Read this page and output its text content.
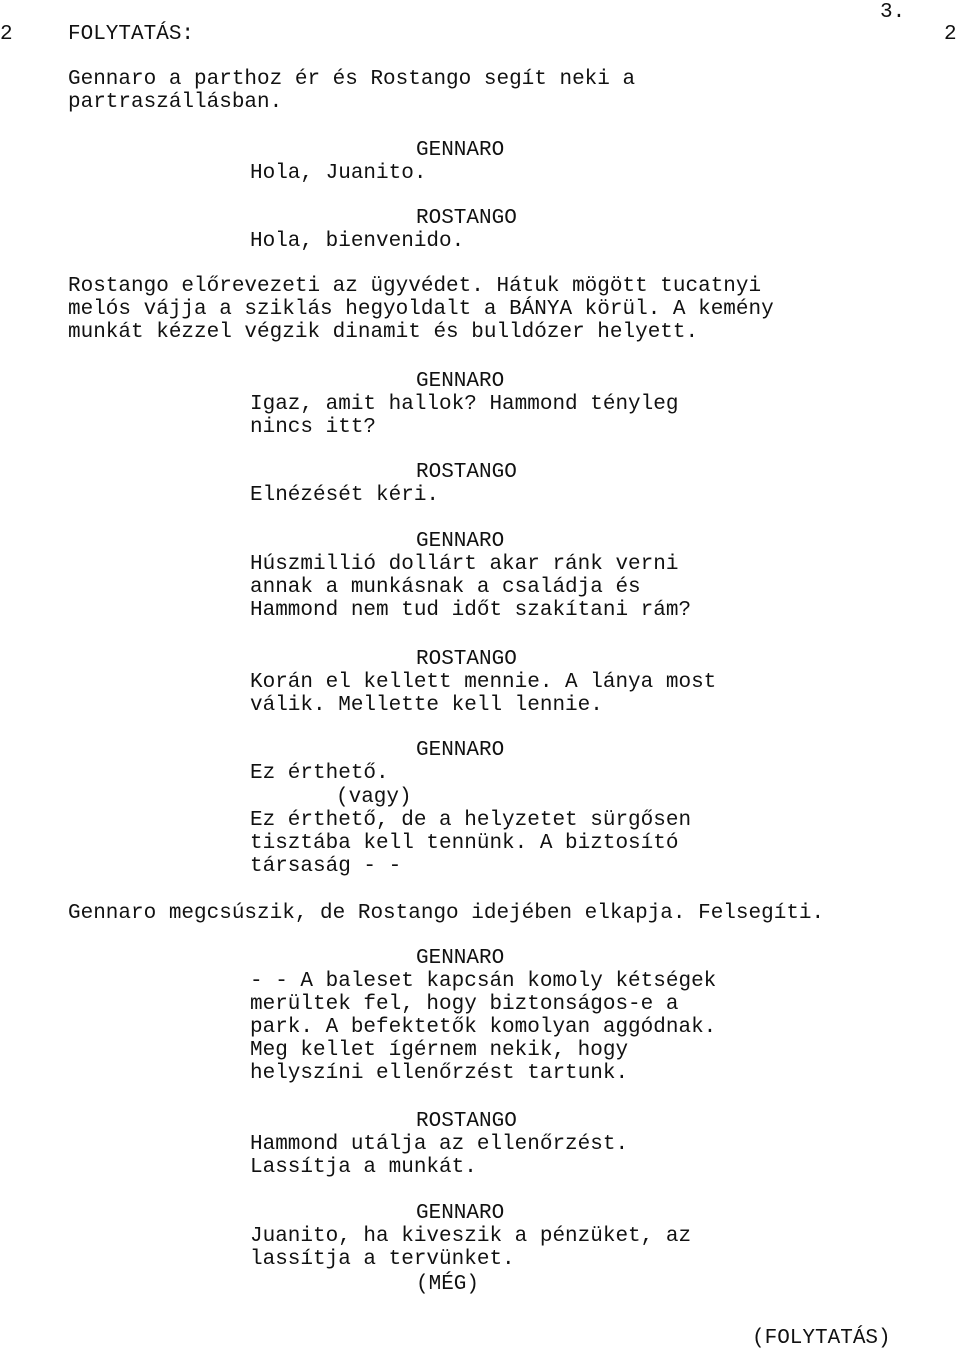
3.
2	FOLYTATÁS:	2
Gennaro a parthoz ér és Rostango segít neki a
partraszállásban.
GENNARO
Hola, Juanito.
ROSTANGO
Hola, bienvenido.
Rostango előrevezeti az ügyvédet. Hátuk mögött tucatnyi
melós vájja a sziklás hegyoldalt a BÁNYA körül. A kemény
munkát kézzel végzik dinamit és bulldózer helyett.
GENNARO
Igaz, amit hallok? Hammond tényleg
nincs itt?
ROSTANGO
Elnézését kéri.
GENNARO
Húszmillió dollárt akar ránk verni
annak a munkásnak a családja és
Hammond nem tud időt szakítani rám?
ROSTANGO
Korán el kellett mennie. A lánya most
válik. Mellette kell lennie.
GENNARO
Ez érthető.
(vagy)
Ez érthető, de a helyzetet sürgősen
tisztába kell tennünk. A biztosító
társaság - -
Gennaro megcsúszik, de Rostango idejében elkapja. Felsegíti.
GENNARO
- - A baleset kapcsán komoly kétségek
merültek fel, hogy biztonságos-e a
park. A befektetők komolyan aggódnak.
Meg kellet ígérnem nekik, hogy
helyszíni ellenőrzést tartunk.
ROSTANGO
Hammond utálja az ellenőrzést.
Lassítja a munkát.
GENNARO
Juanito, ha kiveszik a pénzüket, az
lassítja a tervünket.
(MÉG)
(FOLYTATÁS)
